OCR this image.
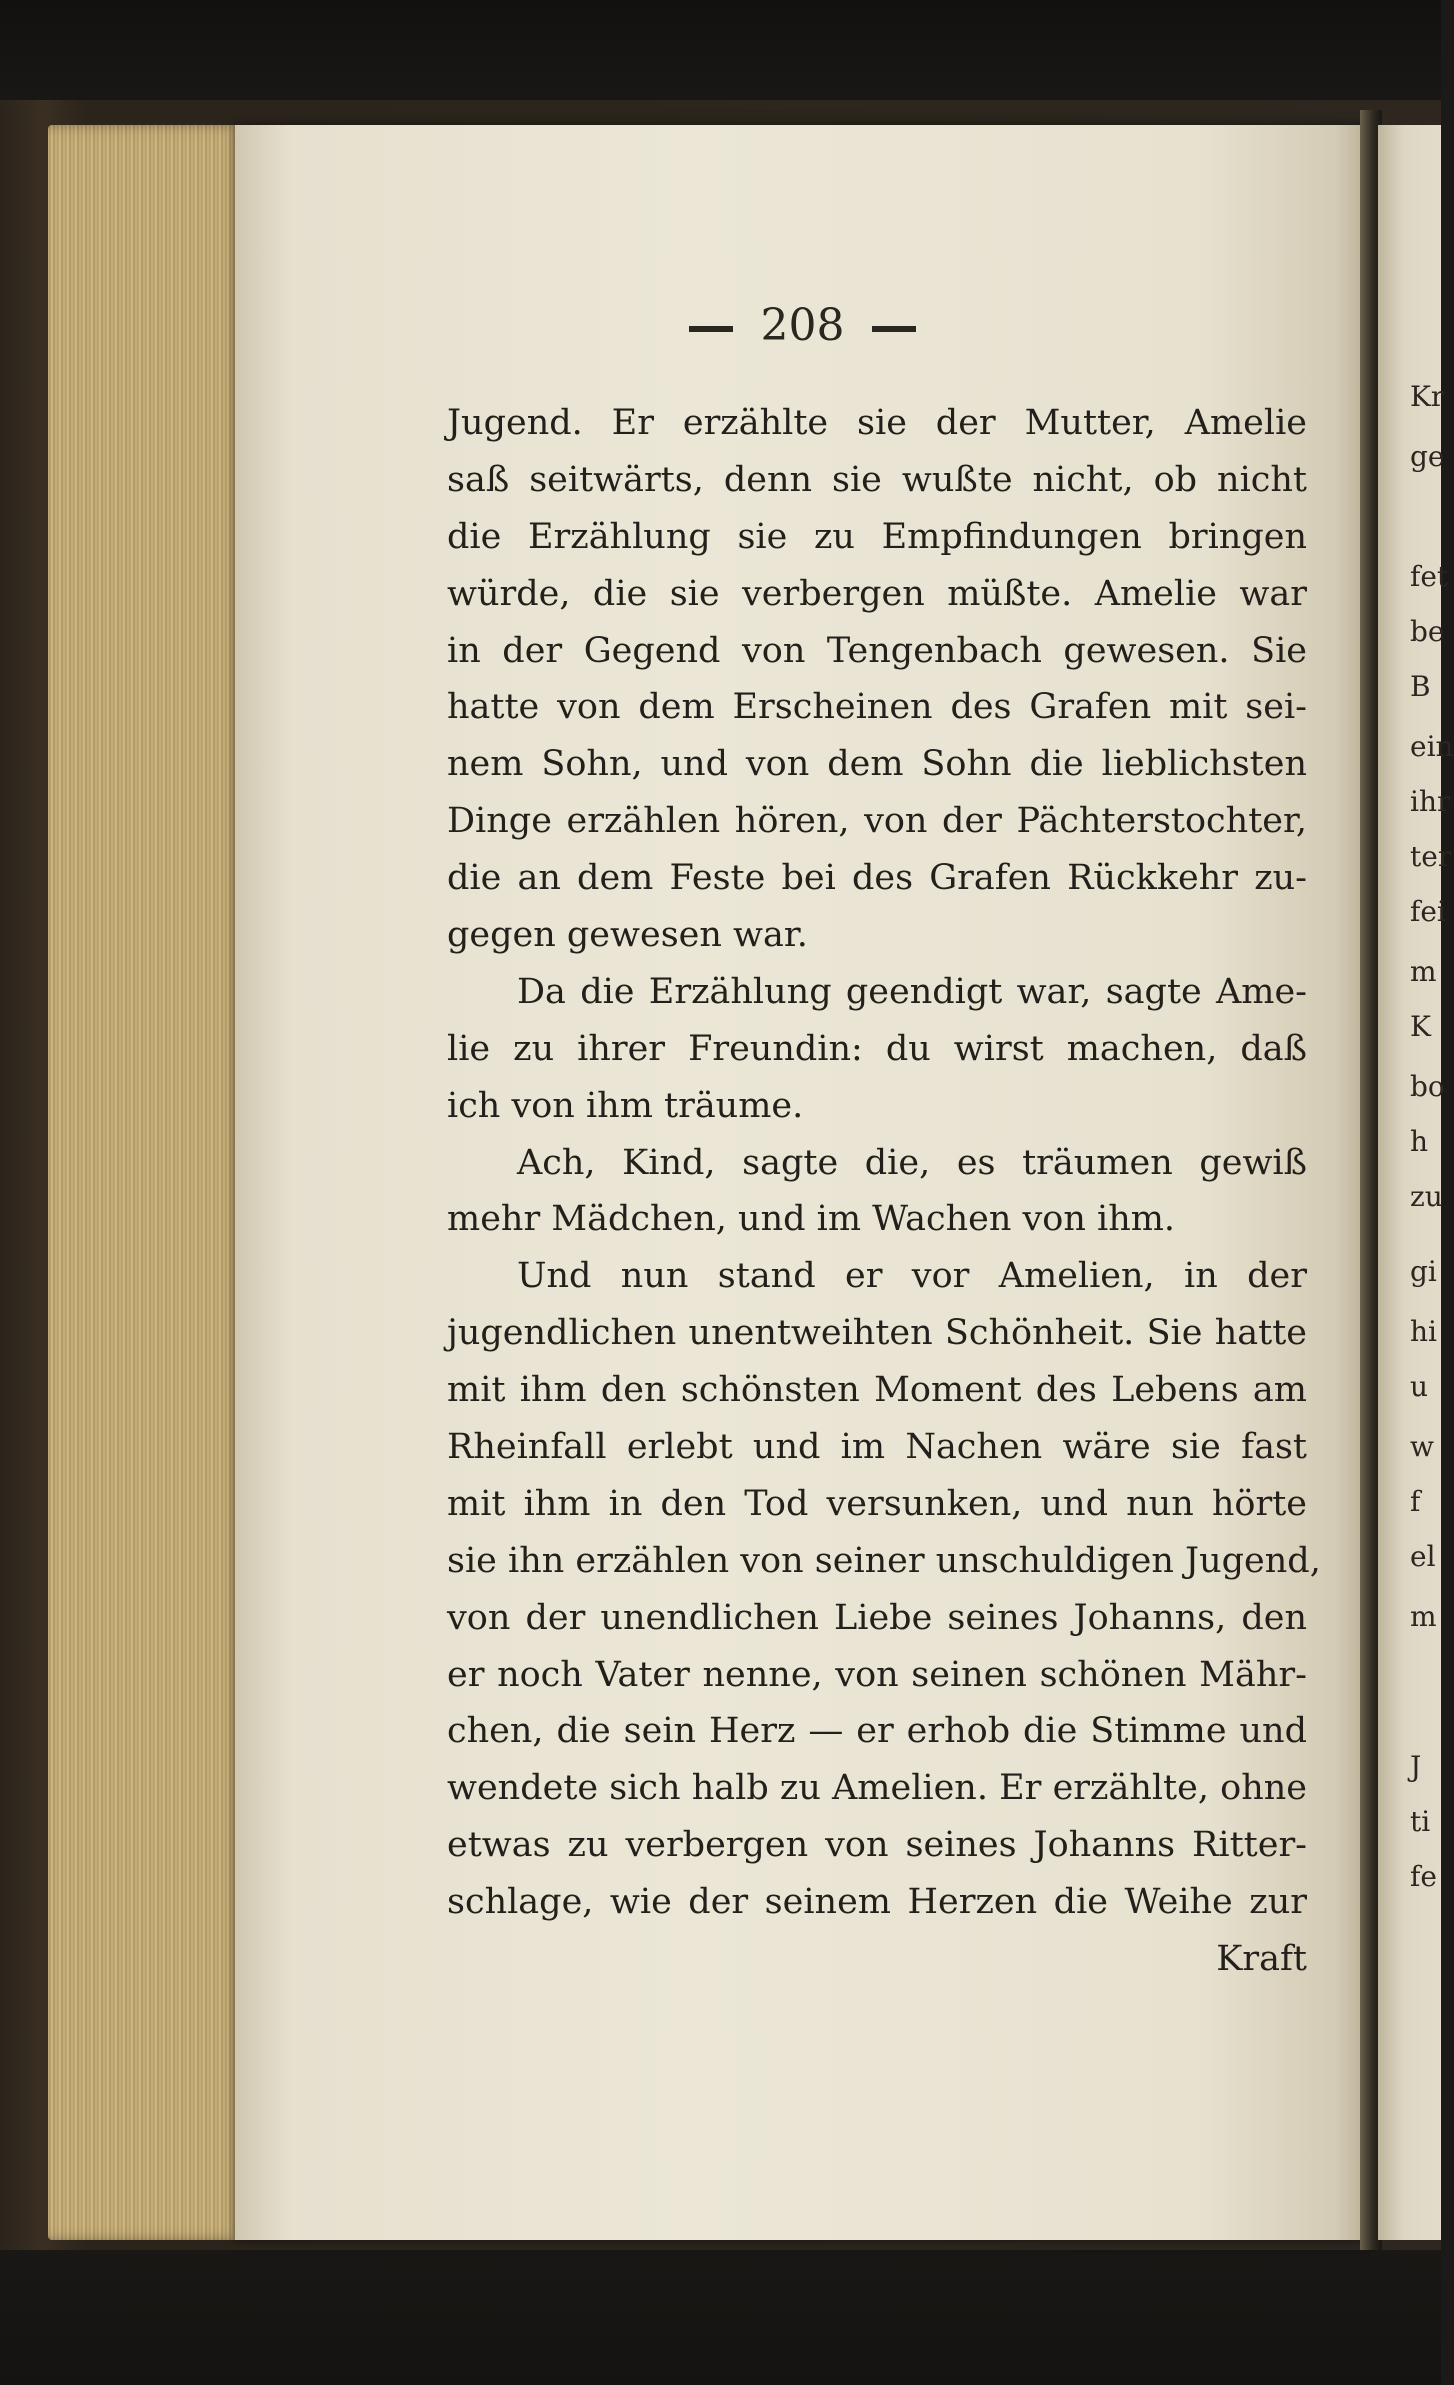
208
Jugend. Er erzählte sie der Mutter, Amelie
saß seitwärts, denn sie wußte nicht, ob nicht
die Erzählung sie zu Empfindungen bringen
würde, die sie verbergen müßte. Amelie war
in der Gegend von Tengenbach gewesen. Sie
hatte von dem Erscheinen des Grafen mit sei-
nem Sohn, und von dem Sohn die lieblichsten
Dinge erzählen hören, von der Pächterstochter,
die an dem Feste bei des Grafen Rückkehr zu-
gegen gewesen war.
Da die Erzählung geendigt war, sagte Ame-
lie zu ihrer Freundin: du wirst machen, daß
ich von ihm träume.
Ach, Kind, sagte die, es träumen gewiß
mehr Mädchen, und im Wachen von ihm.
Und nun stand er vor Amelien, in der
jugendlichen unentweihten Schönheit. Sie hatte
mit ihm den schönsten Moment des Lebens am
Rheinfall erlebt und im Nachen wäre sie fast
mit ihm in den Tod versunken, und nun hörte
sie ihn erzählen von seiner unschuldigen Jugend,
von der unendlichen Liebe seines Johanns, den
er noch Vater nenne, von seinen schönen Mähr-
chen, die sein Herz — er erhob die Stimme und
wendete sich halb zu Amelien. Er erzählte, ohne
etwas zu verbergen von seines Johanns Ritter-
schlage, wie der seinem Herzen die Weihe zur
Kraft
Kr
ge
fet
be
B
ein
ihr
ter
fei
m
K
bo
h
zu
gi
hi
u
w
f
el
m
J
ti
fe
